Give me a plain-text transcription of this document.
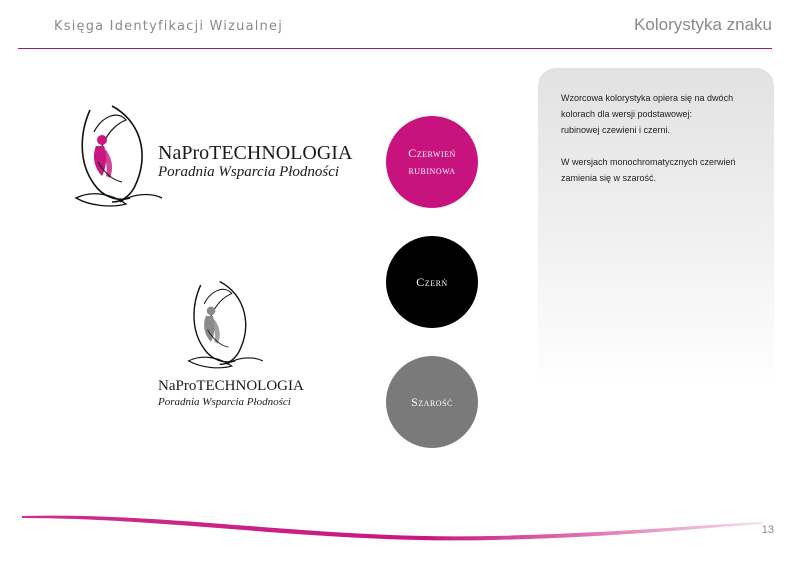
Księga Identyfikacji Wizualnej	Kolorystyka znaku
NaProTECHNOLOGIA
Poradnia Wsparcia Płodności
NaProTECHNOLOGIA
Poradnia Wsparcia Płodności
Czerwień
rubinowa
Czerń
Szarość

Wzorcowa kolorystyka opiera się na dwóch
kolorach dla wersji podstawowej:
rubinowej czewieni i czerni.

W wersjach monochromatycznych czerwień
zamienia się w szarość.

13
